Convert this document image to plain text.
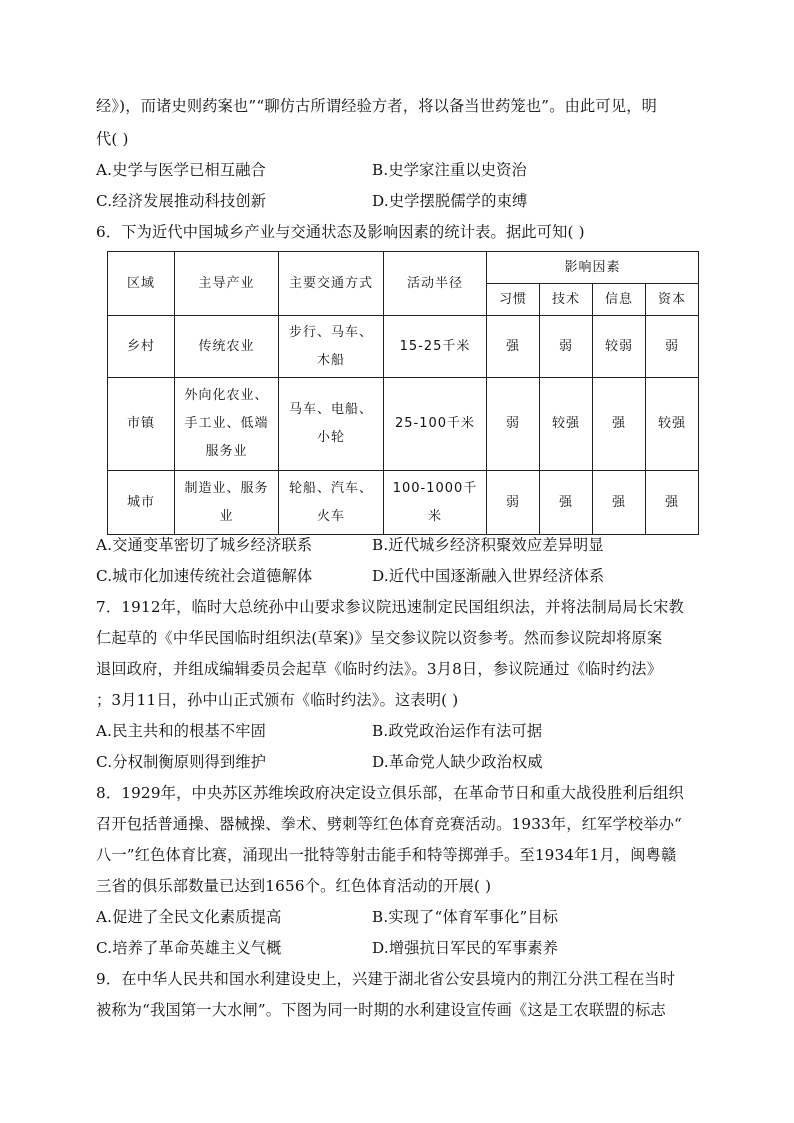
经》)，而诸史则药案也”“聊仿古所谓经验方者，将以备当世药笼也”。由此可见，明
代( )
A.史学与医学已相互融合	B.史学家注重以史资治
C.经济发展推动科技创新	D.史学摆脱儒学的束缚
6．下为近代中国城乡产业与交通状态及影响因素的统计表。据此可知( )
区域	主导产业	主要交通方式	活动半径	影响因素			
				习惯	技术	信息	资本
乡村	传统农业	步行、马车、木船	15-25千米	强	弱	较弱	弱
市镇	外向化农业、手工业、低端服务业	马车、电船、小轮	25-100千米	弱	较强	强	较强
城市	制造业、服务业	轮船、汽车、火车	100-1000千米	弱	强	强	强
A.交通变革密切了城乡经济联系	B.近代城乡经济积聚效应差异明显
C.城市化加速传统社会道德解体	D.近代中国逐渐融入世界经济体系
7．1912年，临时大总统孙中山要求参议院迅速制定民国组织法，并将法制局局长宋教
仁起草的《中华民国临时组织法(草案)》呈交参议院以资参考。然而参议院却将原案
退回政府，并组成编辑委员会起草《临时约法》。3月8日，参议院通过《临时约法》
；3月11日，孙中山正式颁布《临时约法》。这表明( )
A.民主共和的根基不牢固	B.政党政治运作有法可据
C.分权制衡原则得到维护	D.革命党人缺少政治权威
8．1929年，中央苏区苏维埃政府决定设立俱乐部，在革命节日和重大战役胜利后组织
召开包括普通操、器械操、拳术、劈刺等红色体育竞赛活动。1933年，红军学校举办“
八一”红色体育比赛，涌现出一批特等射击能手和特等掷弹手。至1934年1月，闽粤赣
三省的俱乐部数量已达到1656个。红色体育活动的开展( )
A.促进了全民文化素质提高	B.实现了“体育军事化”目标
C.培养了革命英雄主义气概	D.增强抗日军民的军事素养
9．在中华人民共和国水利建设史上，兴建于湖北省公安县境内的荆江分洪工程在当时
被称为“我国第一大水闸”。下图为同一时期的水利建设宣传画《这是工农联盟的标志
